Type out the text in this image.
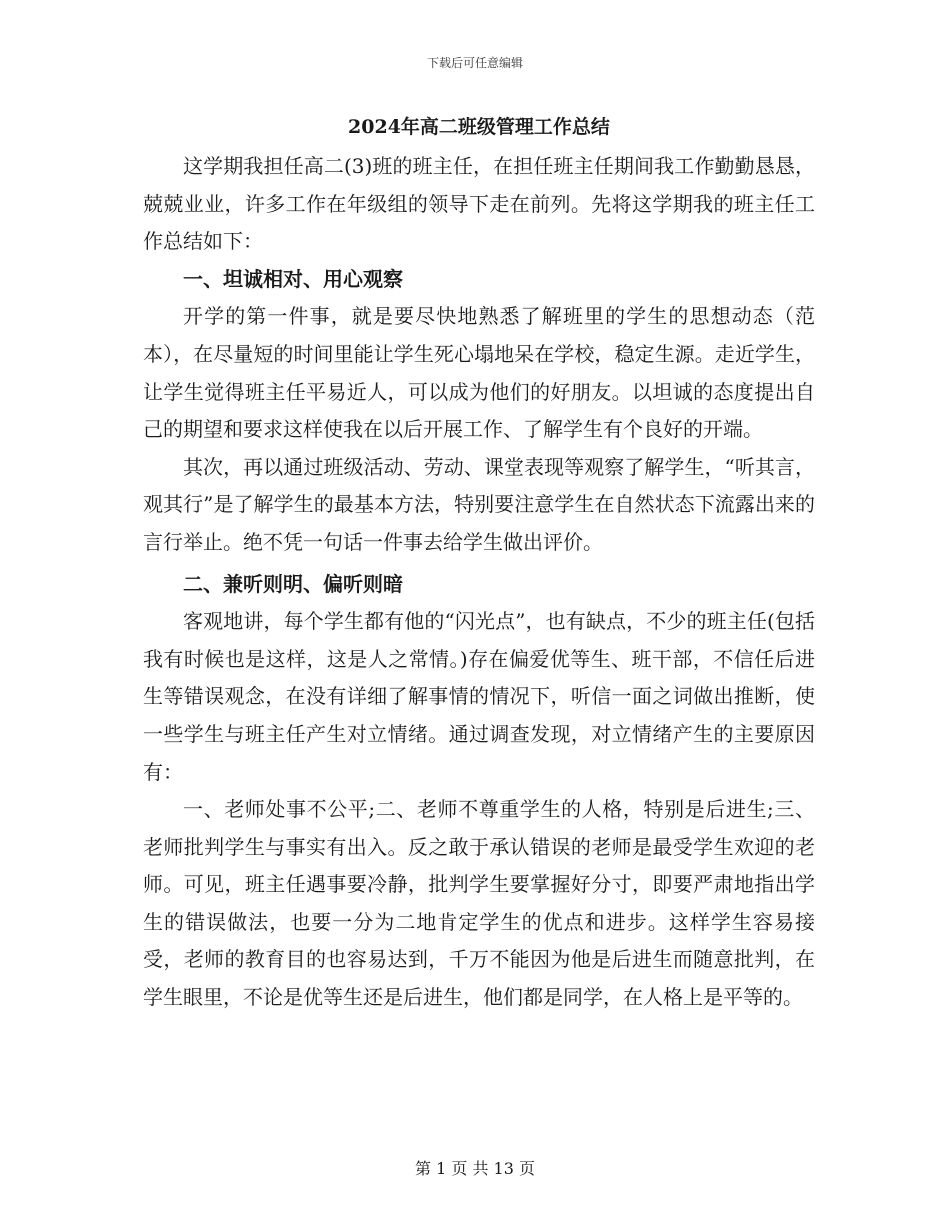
下载后可任意编辑
2024年高二班级管理工作总结

这学期我担任高二(3)班的班主任，在担任班主任期间我工作勤勤恳恳，兢兢业业，许多工作在年级组的领导下走在前列。先将这学期我的班主任工作总结如下：

一、坦诚相对、用心观察

开学的第一件事，就是要尽快地熟悉了解班里的学生的思想动态（范本），在尽量短的时间里能让学生死心塌地呆在学校，稳定生源。走近学生，让学生觉得班主任平易近人，可以成为他们的好朋友。以坦诚的态度提出自己的期望和要求这样使我在以后开展工作、了解学生有个良好的开端。

其次，再以通过班级活动、劳动、课堂表现等观察了解学生，“听其言，观其行”是了解学生的最基本方法，特别要注意学生在自然状态下流露出来的言行举止。绝不凭一句话一件事去给学生做出评价。

二、兼听则明、偏听则暗

客观地讲，每个学生都有他的“闪光点”，也有缺点，不少的班主任(包括我有时候也是这样，这是人之常情。)存在偏爱优等生、班干部，不信任后进生等错误观念，在没有详细了解事情的情况下，听信一面之词做出推断，使一些学生与班主任产生对立情绪。通过调查发现，对立情绪产生的主要原因有：

一、老师处事不公平;二、老师不尊重学生的人格，特别是后进生;三、老师批判学生与事实有出入。反之敢于承认错误的老师是最受学生欢迎的老师。可见，班主任遇事要冷静，批判学生要掌握好分寸，即要严肃地指出学生的错误做法，也要一分为二地肯定学生的优点和进步。这样学生容易接受，老师的教育目的也容易达到，千万不能因为他是后进生而随意批判，在学生眼里，不论是优等生还是后进生，他们都是同学，在人格上是平等的。

第 1 页 共 13 页
